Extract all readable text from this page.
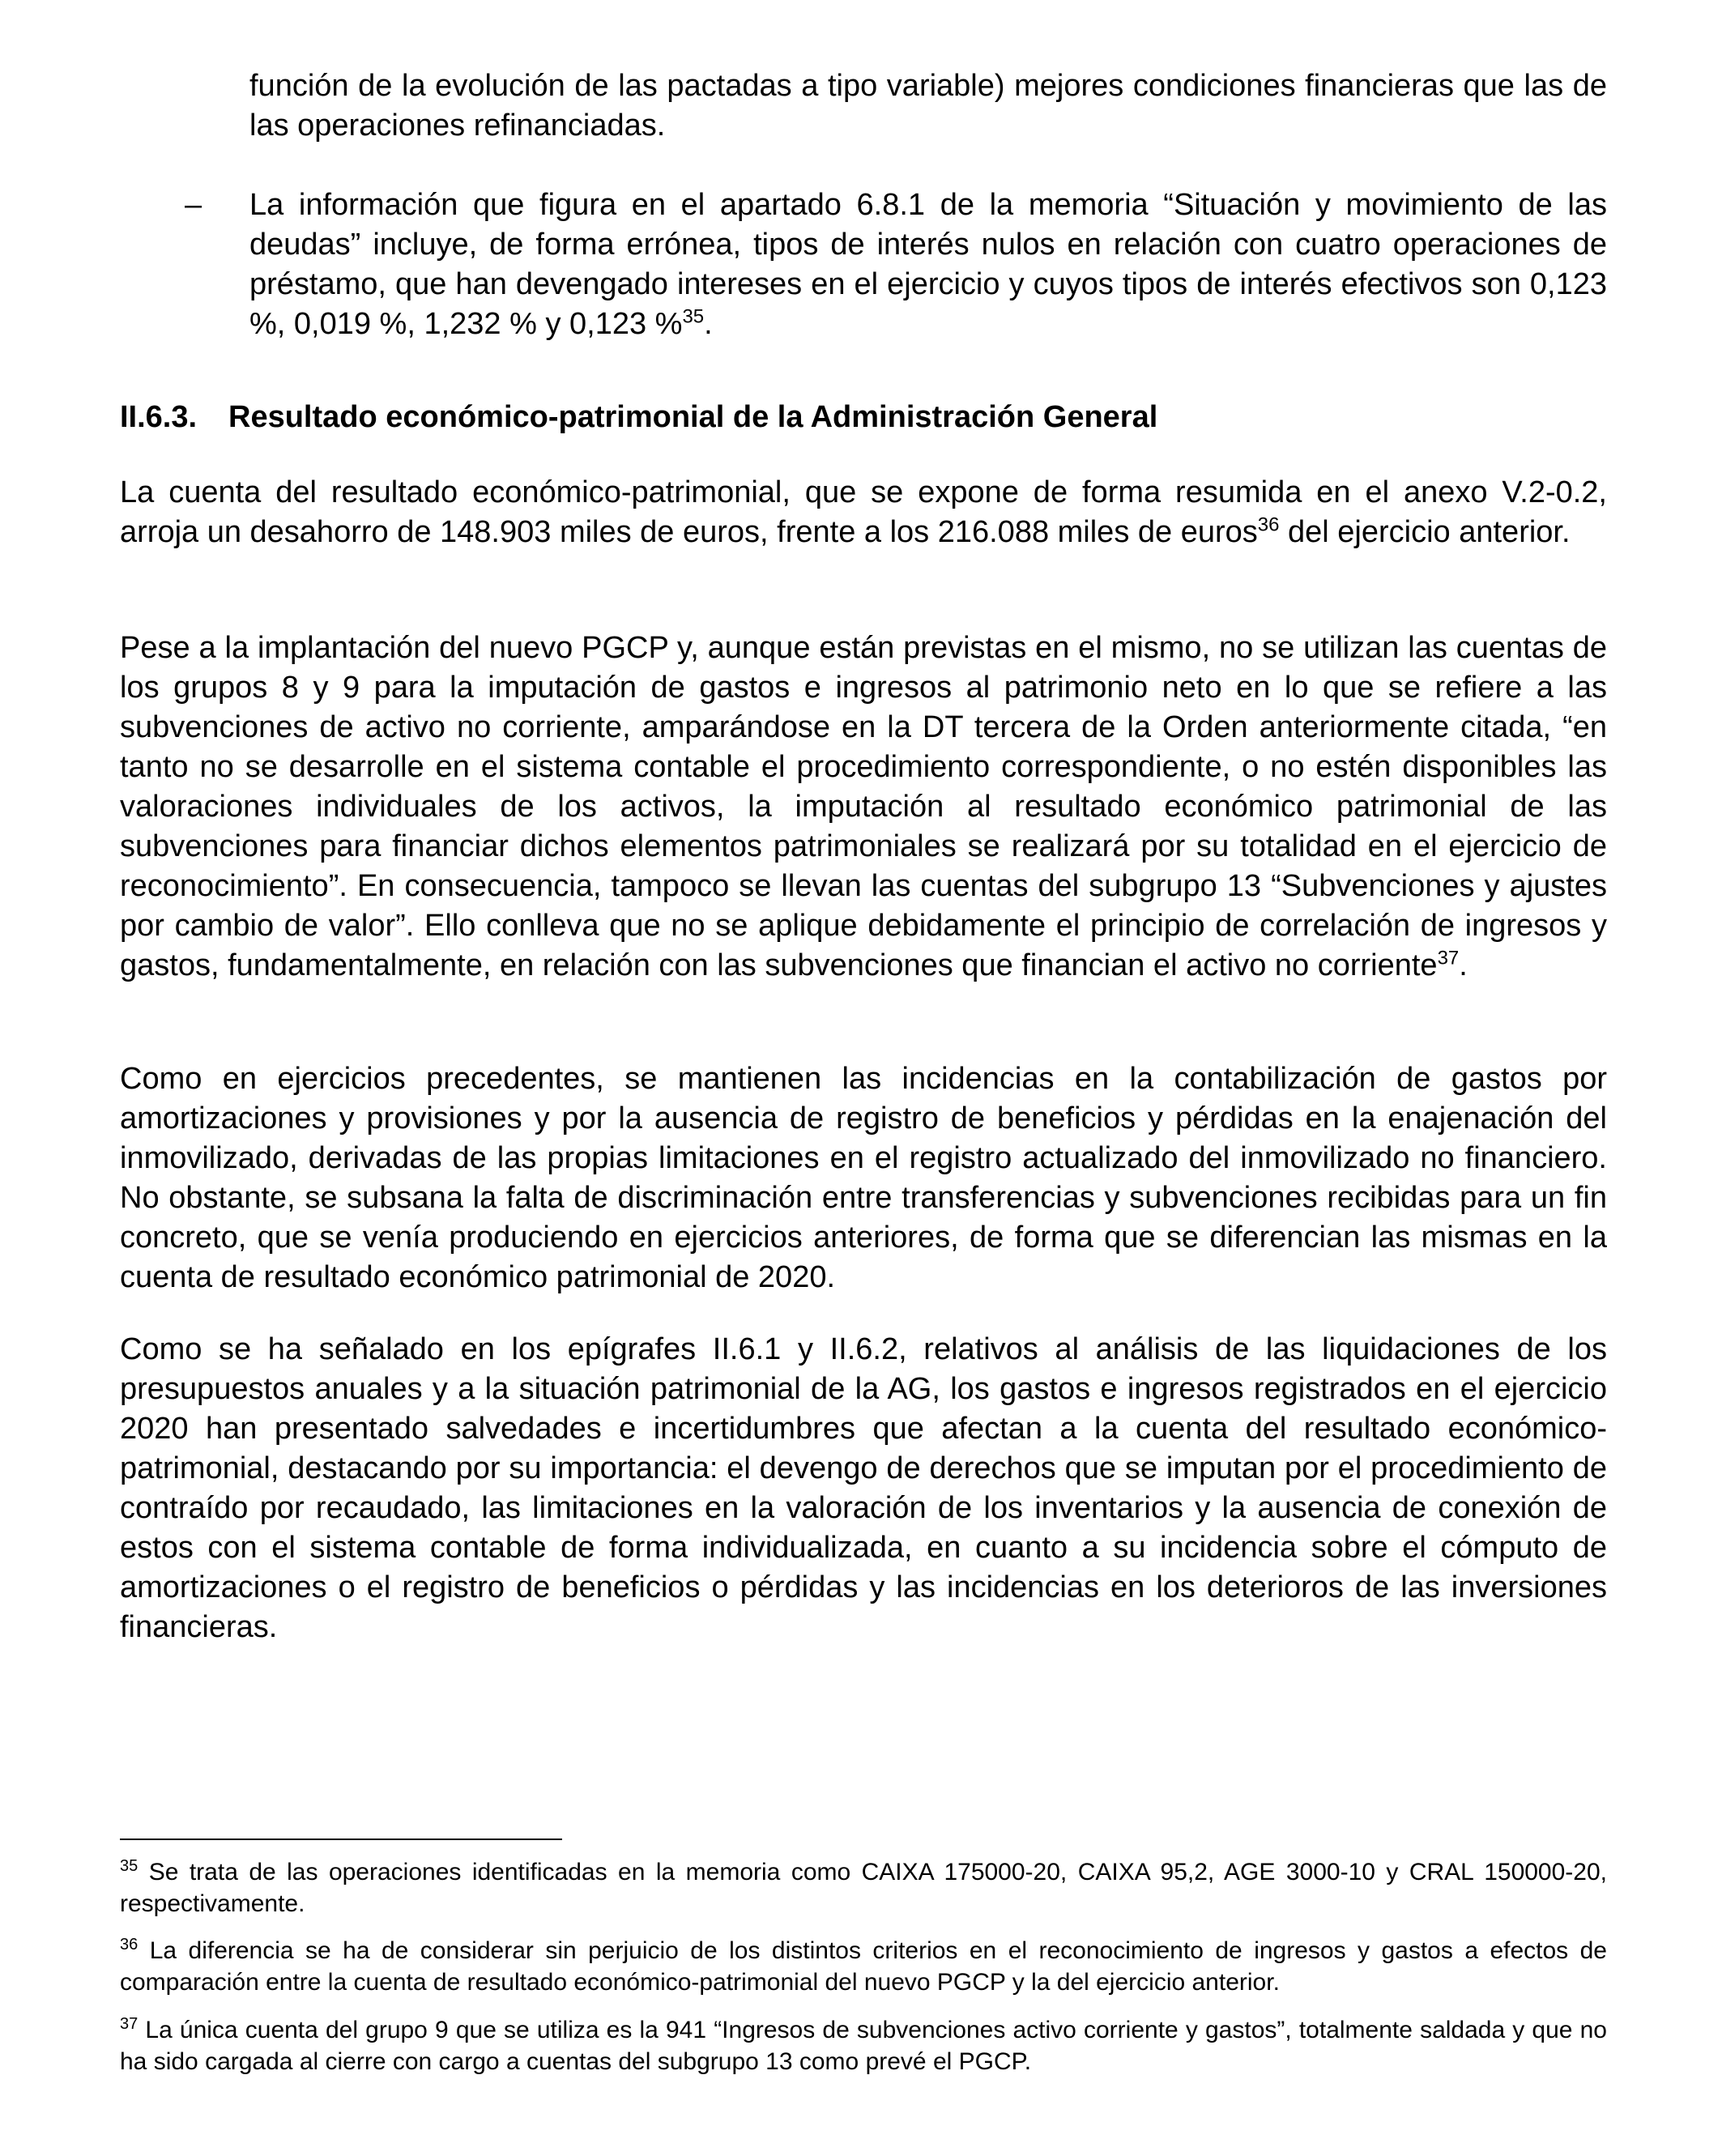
función de la evolución de las pactadas a tipo variable) mejores condiciones financieras que las de las operaciones refinanciadas.

– La información que figura en el apartado 6.8.1 de la memoria “Situación y movimiento de las deudas” incluye, de forma errónea, tipos de interés nulos en relación con cuatro operaciones de préstamo, que han devengado intereses en el ejercicio y cuyos tipos de interés efectivos son 0,123 %, 0,019 %, 1,232 % y 0,123 %$^{35}$.

II.6.3. Resultado económico-patrimonial de la Administración General

La cuenta del resultado económico-patrimonial, que se expone de forma resumida en el anexo V.2-0.2, arroja un desahorro de 148.903 miles de euros, frente a los 216.088 miles de euros$^{36}$ del ejercicio anterior.

Pese a la implantación del nuevo PGCP y, aunque están previstas en el mismo, no se utilizan las cuentas de los grupos 8 y 9 para la imputación de gastos e ingresos al patrimonio neto en lo que se refiere a las subvenciones de activo no corriente, amparándose en la DT tercera de la Orden anteriormente citada, “en tanto no se desarrolle en el sistema contable el procedimiento correspondiente, o no estén disponibles las valoraciones individuales de los activos, la imputación al resultado económico patrimonial de las subvenciones para financiar dichos elementos patrimoniales se realizará por su totalidad en el ejercicio de reconocimiento”. En consecuencia, tampoco se llevan las cuentas del subgrupo 13 “Subvenciones y ajustes por cambio de valor”. Ello conlleva que no se aplique debidamente el principio de correlación de ingresos y gastos, fundamentalmente, en relación con las subvenciones que financian el activo no corriente$^{37}$.

Como en ejercicios precedentes, se mantienen las incidencias en la contabilización de gastos por amortizaciones y provisiones y por la ausencia de registro de beneficios y pérdidas en la enajenación del inmovilizado, derivadas de las propias limitaciones en el registro actualizado del inmovilizado no financiero. No obstante, se subsana la falta de discriminación entre transferencias y subvenciones recibidas para un fin concreto, que se venía produciendo en ejercicios anteriores, de forma que se diferencian las mismas en la cuenta de resultado económico patrimonial de 2020.

Como se ha señalado en los epígrafes II.6.1 y II.6.2, relativos al análisis de las liquidaciones de los presupuestos anuales y a la situación patrimonial de la AG, los gastos e ingresos registrados en el ejercicio 2020 han presentado salvedades e incertidumbres que afectan a la cuenta del resultado económico-patrimonial, destacando por su importancia: el devengo de derechos que se imputan por el procedimiento de contraído por recaudado, las limitaciones en la valoración de los inventarios y la ausencia de conexión de estos con el sistema contable de forma individualizada, en cuanto a su incidencia sobre el cómputo de amortizaciones o el registro de beneficios o pérdidas y las incidencias en los deterioros de las inversiones financieras.

$^{35}$ Se trata de las operaciones identificadas en la memoria como CAIXA 175000-20, CAIXA 95,2, AGE 3000-10 y CRAL 150000-20, respectivamente.

$^{36}$ La diferencia se ha de considerar sin perjuicio de los distintos criterios en el reconocimiento de ingresos y gastos a efectos de comparación entre la cuenta de resultado económico-patrimonial del nuevo PGCP y la del ejercicio anterior.

$^{37}$ La única cuenta del grupo 9 que se utiliza es la 941 “Ingresos de subvenciones activo corriente y gastos”, totalmente saldada y que no ha sido cargada al cierre con cargo a cuentas del subgrupo 13 como prevé el PGCP.
